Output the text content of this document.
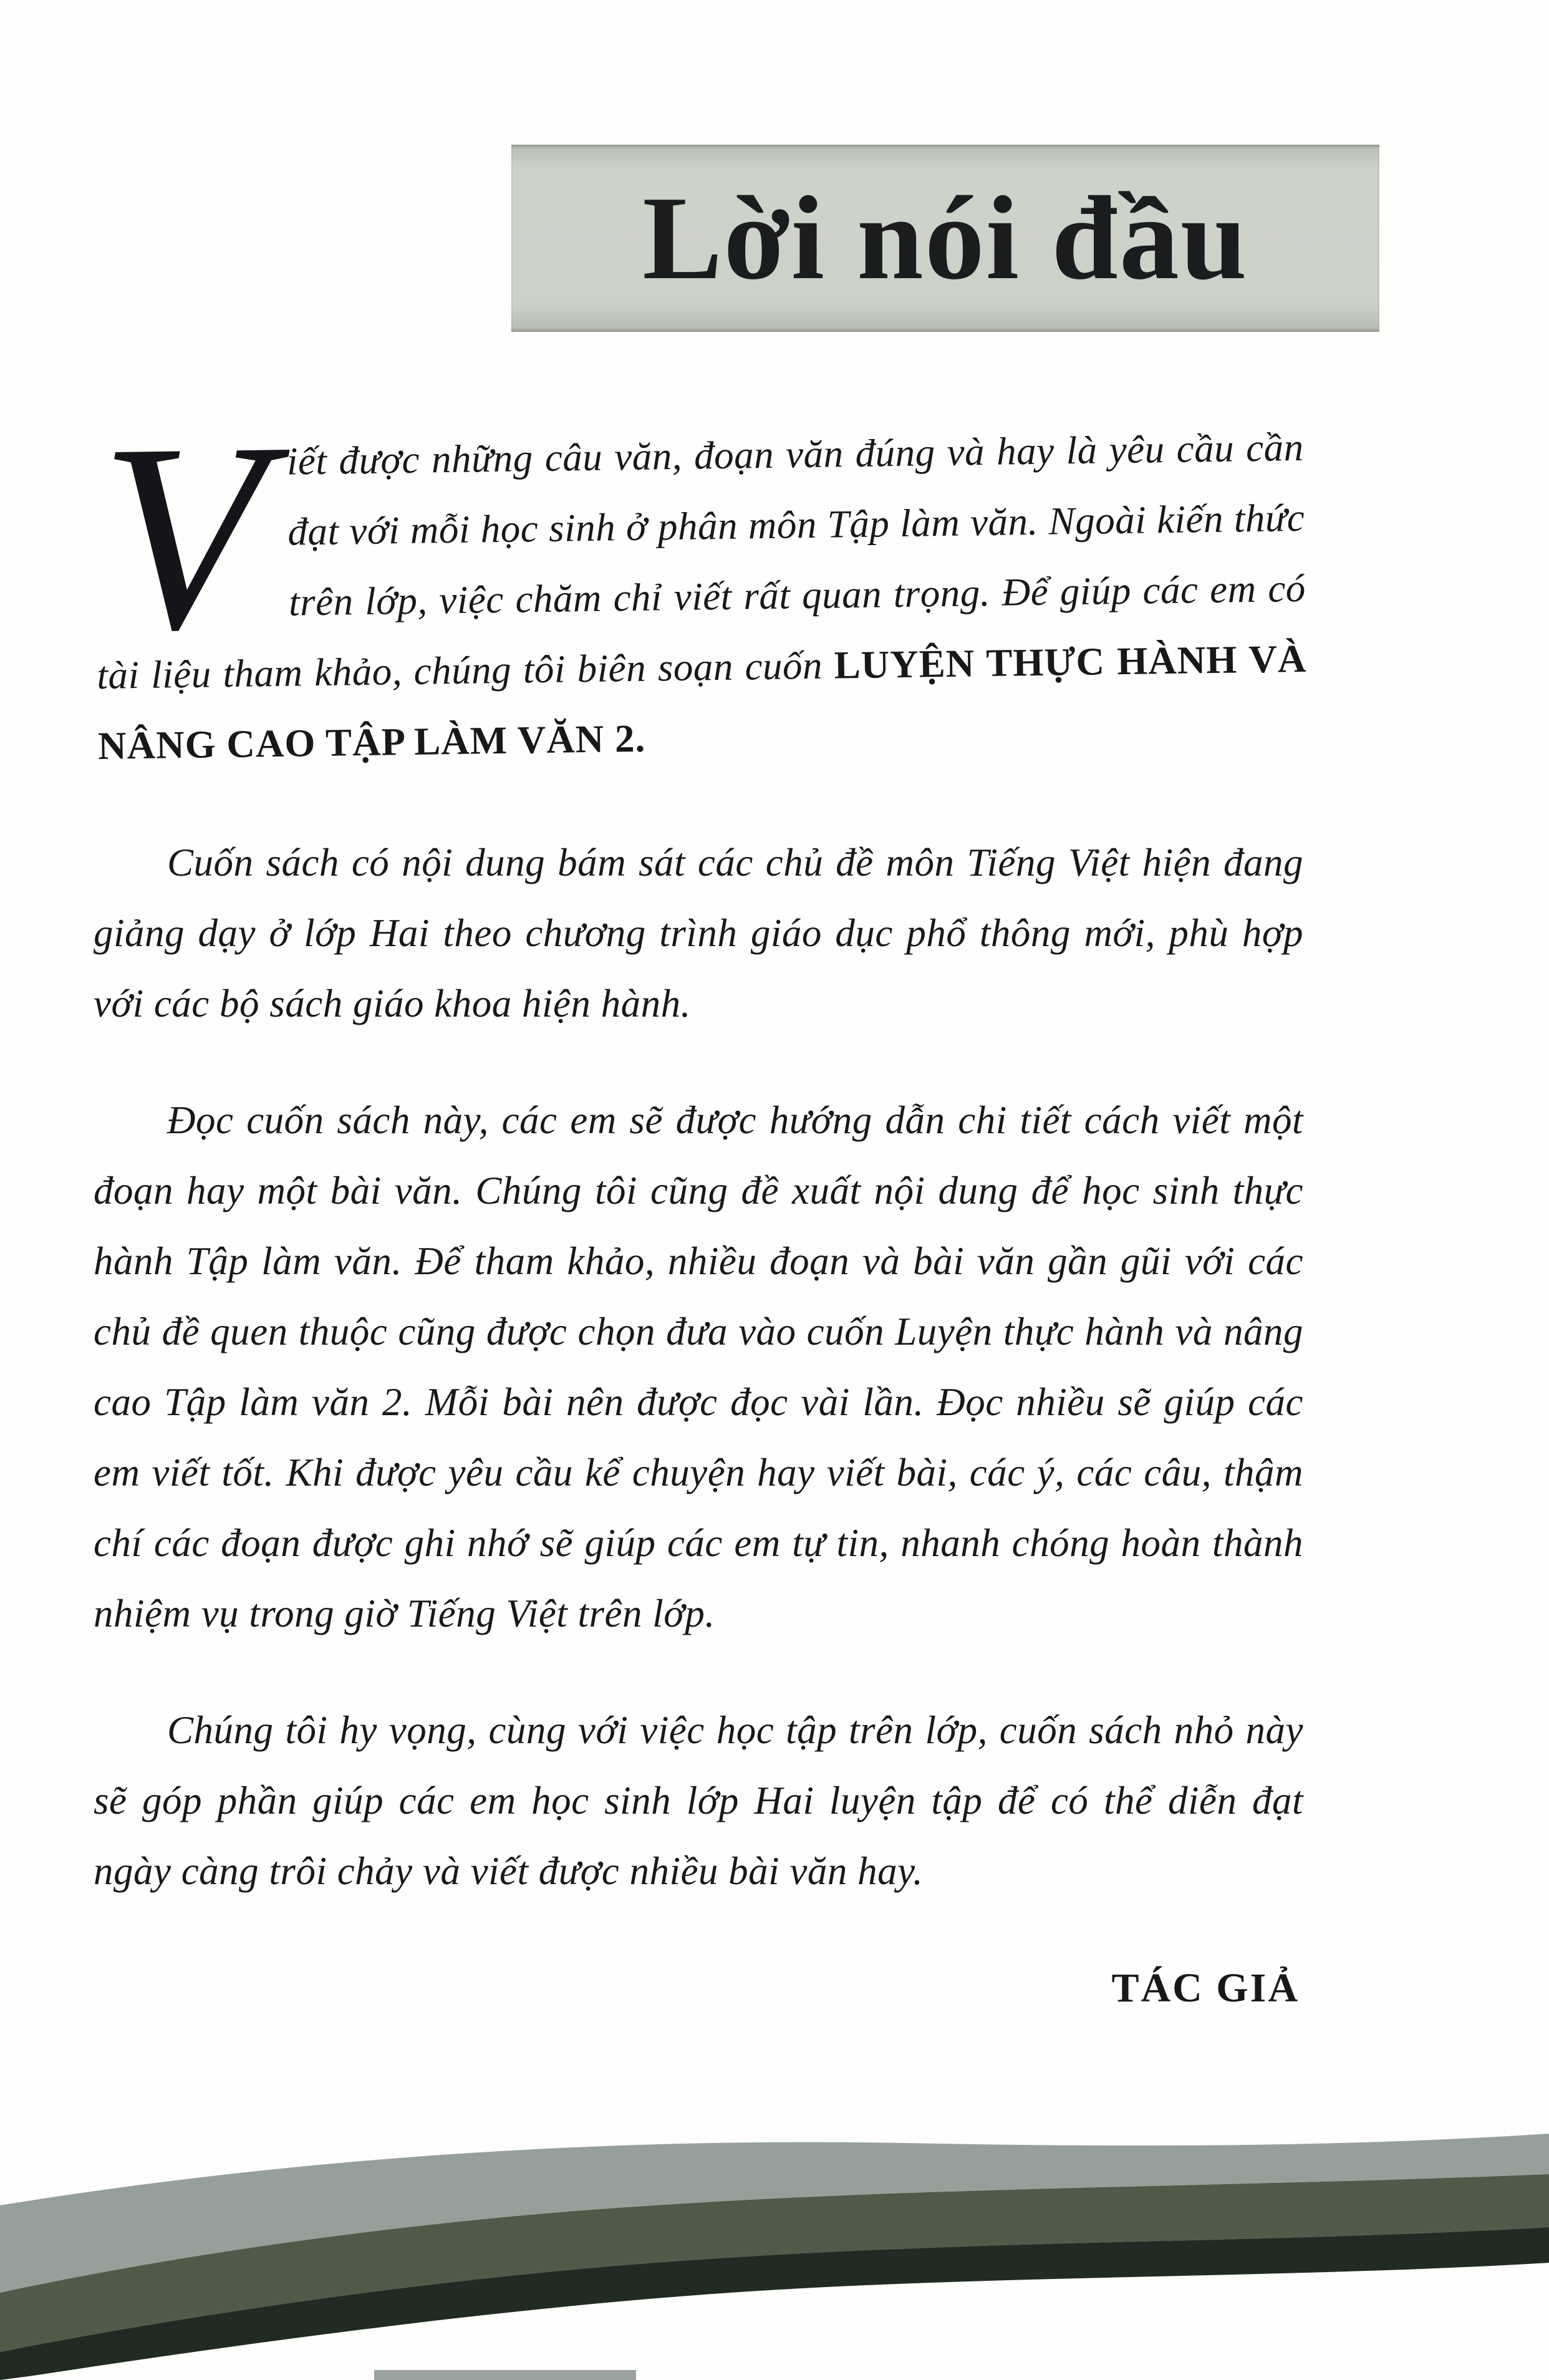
Lời nói đầu

Viết được những câu văn, đoạn văn đúng và hay là yêu cầu cần đạt với mỗi học sinh ở phân môn Tập làm văn. Ngoài kiến thức trên lớp, việc chăm chỉ viết rất quan trọng. Để giúp các em có tài liệu tham khảo, chúng tôi biên soạn cuốn LUYỆN THỰC HÀNH VÀ NÂNG CAO TẬP LÀM VĂN 2.

Cuốn sách có nội dung bám sát các chủ đề môn Tiếng Việt hiện đang giảng dạy ở lớp Hai theo chương trình giáo dục phổ thông mới, phù hợp với các bộ sách giáo khoa hiện hành.

Đọc cuốn sách này, các em sẽ được hướng dẫn chi tiết cách viết một đoạn hay một bài văn. Chúng tôi cũng đề xuất nội dung để học sinh thực hành Tập làm văn. Để tham khảo, nhiều đoạn và bài văn gần gũi với các chủ đề quen thuộc cũng được chọn đưa vào cuốn Luyện thực hành và nâng cao Tập làm văn 2. Mỗi bài nên được đọc vài lần. Đọc nhiều sẽ giúp các em viết tốt. Khi được yêu cầu kể chuyện hay viết bài, các ý, các câu, thậm chí các đoạn được ghi nhớ sẽ giúp các em tự tin, nhanh chóng hoàn thành nhiệm vụ trong giờ Tiếng Việt trên lớp.

Chúng tôi hy vọng, cùng với việc học tập trên lớp, cuốn sách nhỏ này sẽ góp phần giúp các em học sinh lớp Hai luyện tập để có thể diễn đạt ngày càng trôi chảy và viết được nhiều bài văn hay.

TÁC GIẢ
